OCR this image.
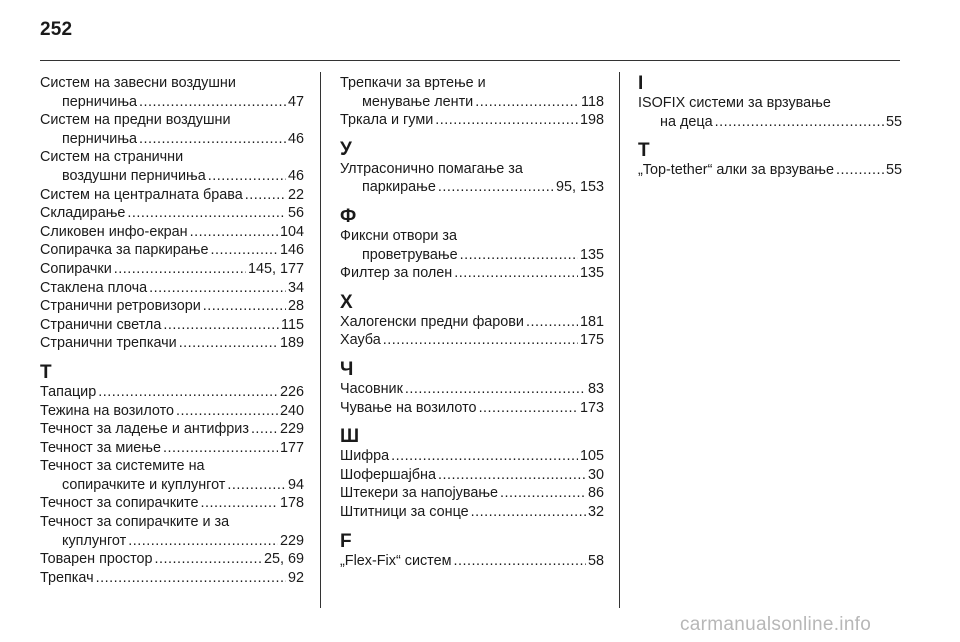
252
Систем на завесни воздушни
перничиња .....	47
Систем на предни воздушни
перничиња .....	46
Систем на странични
воздушни перничиња .....	46
Систем на централната брава .....	22
Складирање .....	56
Сликовен инфо-екран .....	104
Сопирачка за паркирање .....	146
Сопирачки .....	145, 177
Стаклена плоча .....	34
Странични ретровизори .....	28
Странични светла .....	115
Странични трепкачи .....	189
Т
Тапацир .....	226
Тежина на возилото .....	240
Течност за ладење и антифриз ..... 229
Течност за миење .....	177
Течност за системите на
сопирачките и куплунгот .....	94
Течност за сопирачките .....	178
Течност за сопирачките и за
куплунгот .....	229
Товарен простор .....	25, 69
Трепкач .....	92
Трепкачи за вртење и
менување ленти .....	118
Тркала и гуми .....	198
У
Ултрасонично помагање за
паркирање .....	95, 153
Ф
Фиксни отвори за
проветрување .....	135
Филтер за полен .....	135
Х
Халогенски предни фарови .....	181
Хауба .....	175
Ч
Часовник .....	83
Чување на возилото .....	173
Ш
Шифра .....	105
Шофершајбна .....	30
Штекери за напојување .....	86
Штитници за сонце .....	32
F
„Flex-Fix“ систем .....	58
I
ISOFIX системи за врзување
на деца .....	55
T
„Top-tether“ алки за врзување .....	55
carmanualsonline.info
